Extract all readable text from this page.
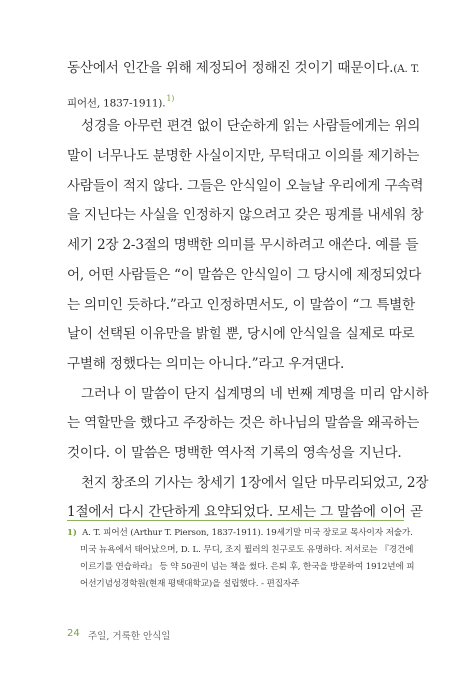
동산에서 인간을 위해 제정되어 정해진 것이기 때문이다.(A. T.
피어선, 1837-1911).$^{1)}$
성경을 아무런 편견 없이 단순하게 읽는 사람들에게는 위의
말이 너무나도 분명한 사실이지만, 무턱대고 이의를 제기하는
사람들이 적지 않다. 그들은 안식일이 오늘날 우리에게 구속력
을 지닌다는 사실을 인정하지 않으려고 갖은 핑계를 내세워 창
세기 2장 2-3절의 명백한 의미를 무시하려고 애쓴다. 예를 들
어, 어떤 사람들은 “이 말씀은 안식일이 그 당시에 제정되었다
는 의미인 듯하다.”라고 인정하면서도, 이 말씀이 “그 특별한
날이 선택된 이유만을 밝힐 뿐, 당시에 안식일을 실제로 따로
구별해 정했다는 의미는 아니다.”라고 우겨댄다.
그러나 이 말씀이 단지 십계명의 네 번째 계명을 미리 암시하
는 역할만을 했다고 주장하는 것은 하나님의 말씀을 왜곡하는
것이다. 이 말씀은 명백한 역사적 기록의 영속성을 지닌다.
천지 창조의 기사는 창세기 1장에서 일단 마무리되었고, 2장
1절에서 다시 간단하게 요약되었다. 모세는 그 말씀에 이어 곧
1) A. T. 피어선 (Arthur T. Pierson, 1837-1911). 19세기말 미국 장로교 목사이자 저술가.
미국 뉴욕에서 태어났으며, D. L. 무디, 조지 뮐러의 친구로도 유명하다. 저서로는 『경건에
이르기를 연습하라』 등 약 50권이 넘는 책을 썼다. 은퇴 후, 한국을 방문하여 1912년에 피
어선기념성경학원(현재 평택대학교)을 설립했다. - 편집자주
24 주일, 거룩한 안식일
